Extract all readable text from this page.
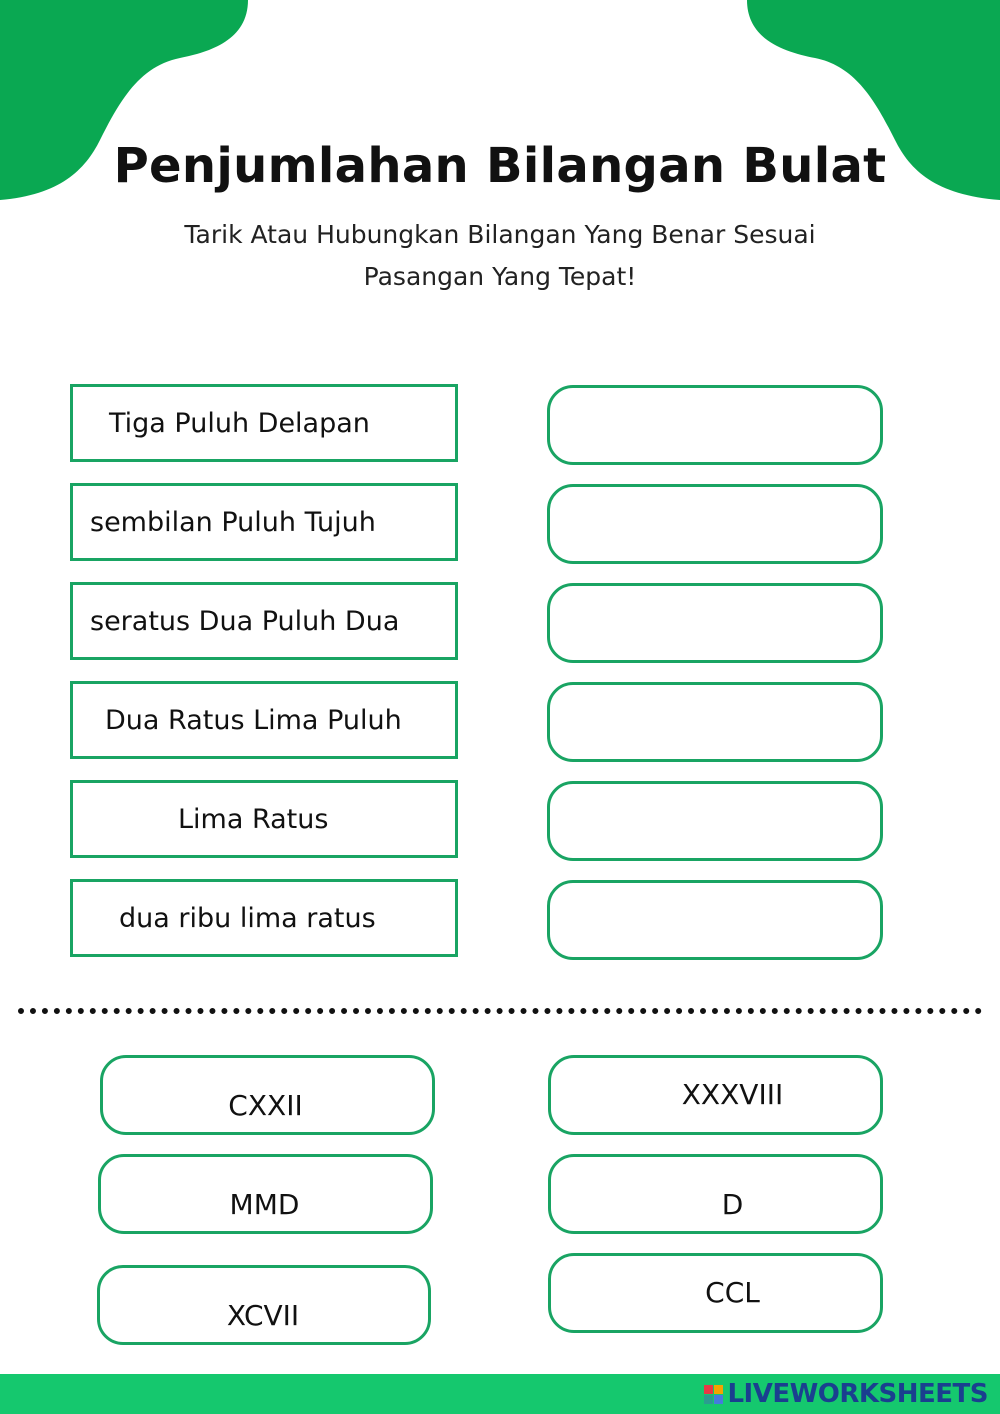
Penjumlahan Bilangan Bulat
Tarik Atau Hubungkan Bilangan Yang Benar Sesuai
Pasangan Yang Tepat!
Tiga Puluh Delapan
sembilan Puluh Tujuh
seratus Dua Puluh Dua
Dua Ratus Lima Puluh
Lima Ratus
dua ribu lima ratus
CXXII	XXXVIII
MMD	D
XCVII
CCL
LIVEWORKSHEETS
